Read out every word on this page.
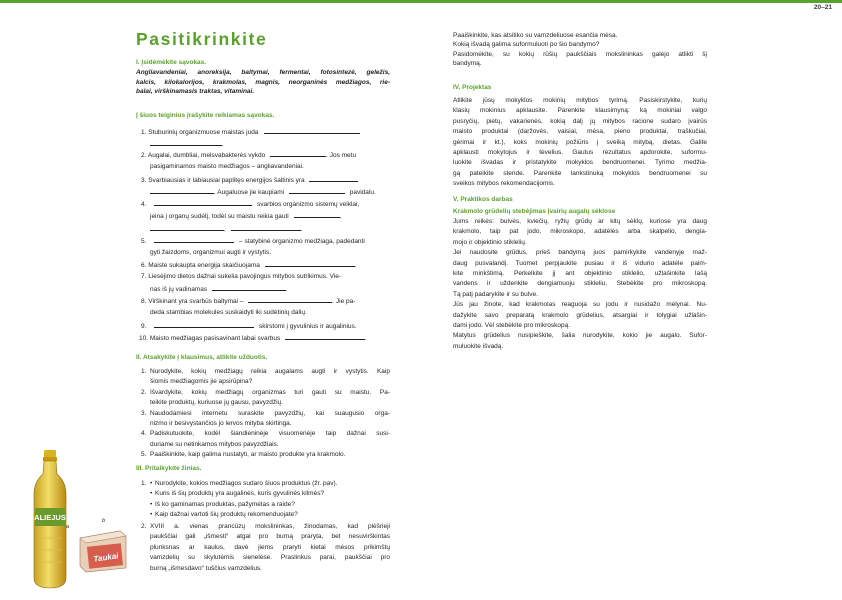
20–21
Pasitikrinkite

I. Įsidėmėkite sąvokas.

Angliavandeniai, anoreksija, baltymai, fermentai, fotosintezė, geležis,

kalcis, kilokalorijos, krakmolas, magnis, neorganinės medžiagos, rie-

balai, virškinamasis traktas, vitaminai.

Į šiuos teiginius įrašykite reikiamas sąvokas.

1. Stuburinių organizmuose maistas juda
.
2. Augalai, dumbliai, melsvabakterės vykdo	. Jos metu
pasigaminamos maisto medžiagos – angliavandeniai.
3. Svarbiausias ir labiausiai paplitęs energijos šaltinis yra
. Augaluose jie kaupiami	pavidalu.
4.	svarbios organizmo sistemų veiklai,
jeina į organų sudėtį, todėl su maistu reikia gauti	,
,	.
5.	– statybinė organizmo medžiaga, padedanti
gyti žaizdoms, organizmui augti ir vystytis.
6. Maiste sukaupta energija skaičiuojama	.
7. Liesėjimo dietos dažnai sukelia pavojingus mitybos sutrikimus. Vie-
nas iš jų vadinamas	.
8. Virškinant yra svarbūs baltymai –	. Jie pa-
deda stambias molekules suskaidyti iki sudėtinių dalių.
9.	skirstomi į gyvulinius ir augalinius.
10. Maisto medžiagas pasisavinant labai svarbus	.

II. Atsakykite į klausimus, atlikite užduotis.

1. Nurodykite, kokių medžiagų reikia augalams augti ir vystytis. Kaip

šiomis medžiagomis jie apsirūpina?

2. Išvardykite, kokių medžiagų organizmas turi gauti su maistu. Pa-

teikite produktų, kuriuose jų gausu, pavyzdžių.

3. Naudodamiesi internetu suraskite pavyzdžių, kai suaugusio orga-

nizmo ir besivystančios jo lervos mityba skirtinga.

4. Padiskutuokite, kodėl šiandieninėje visuomenėje taip dažnai susi-

duriame su netinkamos mitybos pavyzdžiais.

5. Paaiškinkite, kaip galima nustatyti, ar maisto produkte yra krakmolo.

III. Pritaikykite žinias.

1. • Nurodykite, kokios medžiagos sudaro šiuos produktus (žr. pav).
• Kuris iš šių produktų yra augalinės, kuris gyvulinės kilmės?
• Iš ko gaminamas produktas, pažymėtas a raide?
• Kaip dažnai vartoti šių produktų rekomenduojate?
2. XVIII a. vienas prancūzų mokslininkas, žinodamas, kad plėšrieji

paukščiai gali „išmesti“ atgal pro burną praryta, bet nesuvirškintas

plunksnas ar kaulus, davė jiems praryti kietai mėsos prikimštų

vamzdelių su skylutėmis sienelėse. Praslinkus parai, paukščiai pro

burną „išmesdavo“ tuščius vamzdelius.

Paaiškinkite, kas atsitiko su vamzdeliuose esančia mėsa.

Kokią išvadą galima suformuluoti po šio bandymo?

Pasidomėkite, su kokių rūšių paukščiais mokslininkas galėjo atlikti šį

bandymą.

IV. Projektas

Atlikite jūsų mokyklos mokinių mitybos tyrimą. Pasiskirstykite, kurių

klasių mokinius apklausite. Parenkite klausimyną: ką mokiniai valgo

pusryčių, pietų, vakarienės, kokią dalį jų mitybos racione sudaro įvairūs

maisto produktai (daržovės, vaisiai, mėsa, pieno produktai, traškučiai,

gėrimai ir kt.), koks mokinių požiūris į sveiką mitybą, dietas. Galite

apklausti mokytojus ir tėvelius. Gautus rezultatus apdorokite, suformu-

luokite išvadas ir pristatykite mokyklos bendruomenei. Tyrimo medžia-

gą pateikite stende. Parenkite lankstinuką mokyklos bendruomenei su

sveikos mitybos rekomendacijomis.

V. Praktikos darbas

Krakmolo grūdelių stebėjimas įvairių augalų sėklose

Jums reikės: bulvės, kviečių, ryžių grūdų ar kitų sėklų, kuriose yra daug

krakmolo, taip pat jodo, mikroskopo, adatėlės arba skalpelio, dengia-

mojo ir objektinio stiklelių.

Jei naudosite grūdus, prieš bandymą juos pamirkykite vandenyje maž-

daug pusvalandį. Tuomet perpjaukite pusiau ir iš vidurio adatėle paim-

kite minkštimą. Perkelkite jį ant objektinio stiklelio, užlašinkite lašą

vandens ir uždenkite dengiamuoju stikleliu. Stebėkite pro mikroskopą.

Tą patį padarykite ir su bulve.

Jūs jau žinote, kad krakmolas reaguoja su jodu ir nusidažo mėlynai. Nu-

dažykite savo preparatą krakmolo grūdelius, atsargiai ir tolygiai užlašin-

dami jodo. Vėl stebėkite pro mikroskopą.

Matytus grūdelius nusipieškite, šalia nurodykite, kokio jie augalo. Sufor-

muluokite išvadą.

ALIEJUS
a
b
Taukai
